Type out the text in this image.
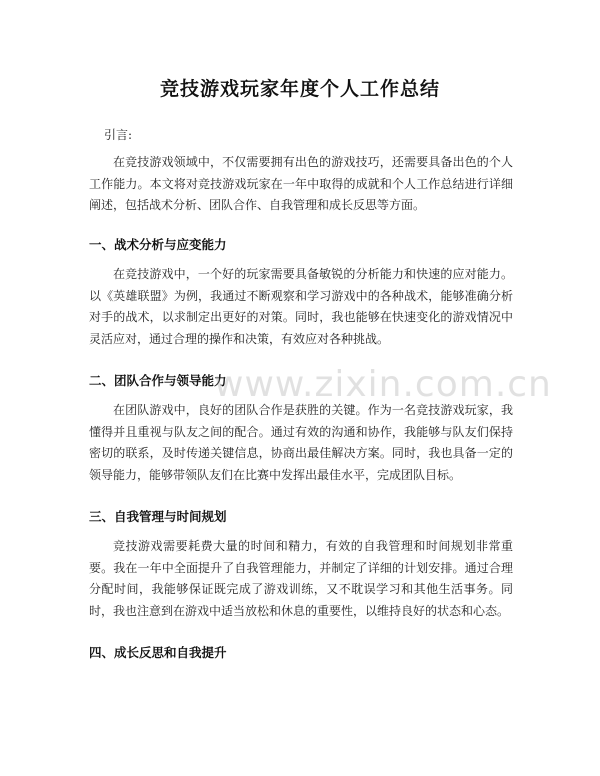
竞技游戏玩家年度个人工作总结
引言:

在竞技游戏领域中，不仅需要拥有出色的游戏技巧，还需要具备出色的个人工作能力。本文将对竞技游戏玩家在一年中取得的成就和个人工作总结进行详细阐述，包括战术分析、团队合作、自我管理和成长反思等方面。

一、战术分析与应变能力

在竞技游戏中，一个好的玩家需要具备敏锐的分析能力和快速的应对能力。以《英雄联盟》为例，我通过不断观察和学习游戏中的各种战术，能够准确分析对手的战术，以求制定出更好的对策。同时，我也能够在快速变化的游戏情况中灵活应对，通过合理的操作和决策，有效应对各种挑战。

二、团队合作与领导能力

在团队游戏中，良好的团队合作是获胜的关键。作为一名竞技游戏玩家，我懂得并且重视与队友之间的配合。通过有效的沟通和协作，我能够与队友们保持密切的联系，及时传递关键信息，协商出最佳解决方案。同时，我也具备一定的领导能力，能够带领队友们在比赛中发挥出最佳水平，完成团队目标。

三、自我管理与时间规划

竞技游戏需要耗费大量的时间和精力，有效的自我管理和时间规划非常重要。我在一年中全面提升了自我管理能力，并制定了详细的计划安排。通过合理分配时间，我能够保证既完成了游戏训练，又不耽误学习和其他生活事务。同时，我也注意到在游戏中适当放松和休息的重要性，以维持良好的状态和心态。

四、成长反思和自我提升
www.zixin.com.cn
